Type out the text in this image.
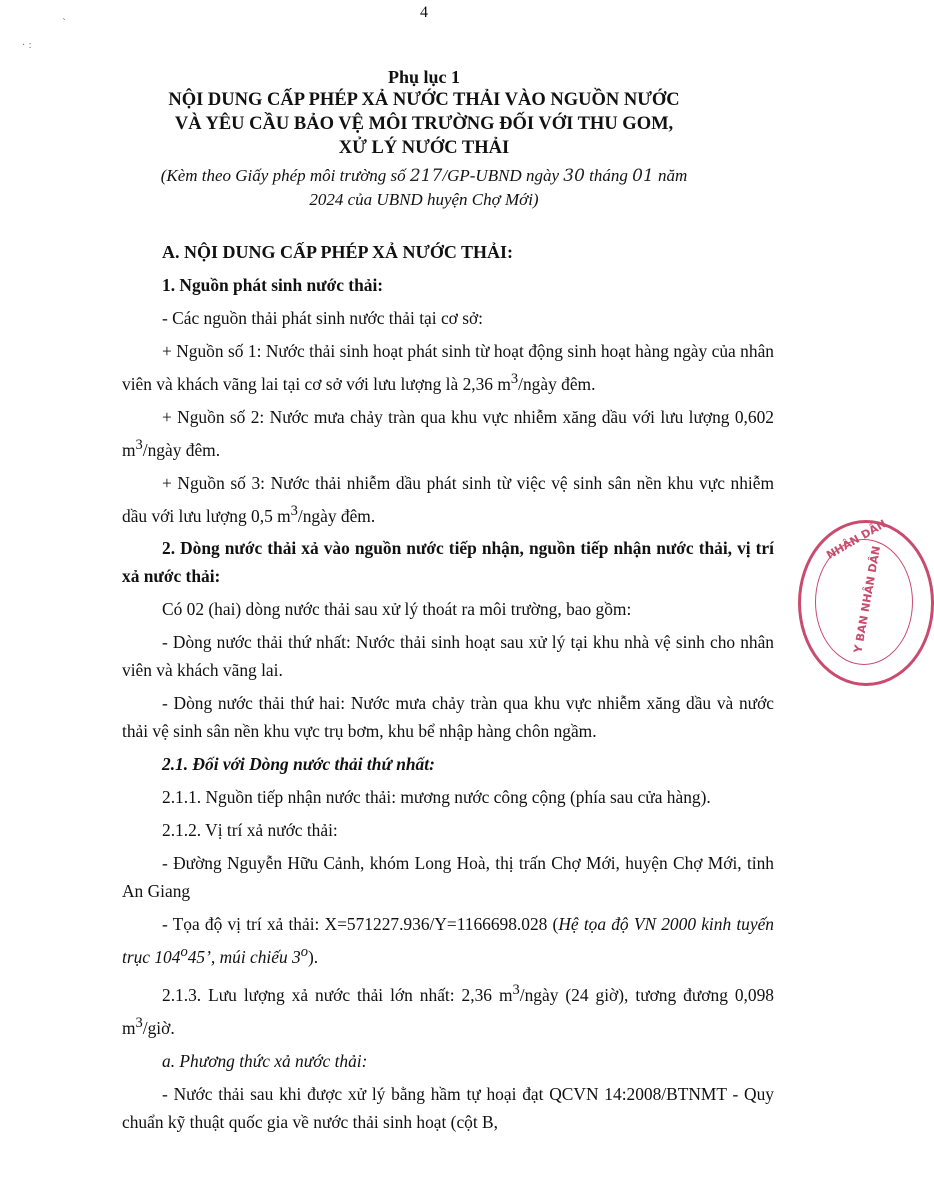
4
· :
ˋ
Phụ lục 1
NỘI DUNG CẤP PHÉP XẢ NƯỚC THẢI VÀO NGUỒN NƯỚC
VÀ YÊU CẦU BẢO VỆ MÔI TRƯỜNG ĐỐI VỚI THU GOM,
XỬ LÝ NƯỚC THẢI
(Kèm theo Giấy phép môi trường số 217/GP-UBND ngày 30 tháng 01 năm
2024 của UBND huyện Chợ Mới)

A. NỘI DUNG CẤP PHÉP XẢ NƯỚC THẢI:

1. Nguồn phát sinh nước thải:

- Các nguồn thải phát sinh nước thải tại cơ sở:

+ Nguồn số 1: Nước thải sinh hoạt phát sinh từ hoạt động sinh hoạt hàng ngày của nhân viên và khách vãng lai tại cơ sở với lưu lượng là 2,36 $m^3$/ngày đêm.

+ Nguồn số 2: Nước mưa chảy tràn qua khu vực nhiễm xăng dầu với lưu lượng 0,602 $m^3$/ngày đêm.

+ Nguồn số 3: Nước thải nhiễm dầu phát sinh từ việc vệ sinh sân nền khu vực nhiễm dầu với lưu lượng 0,5 $m^3$/ngày đêm.

2. Dòng nước thải xả vào nguồn nước tiếp nhận, nguồn tiếp nhận nước thải, vị trí xả nước thải:

Có 02 (hai) dòng nước thải sau xử lý thoát ra môi trường, bao gồm:

- Dòng nước thải thứ nhất: Nước thải sinh hoạt sau xử lý tại khu nhà vệ sinh cho nhân viên và khách vãng lai.

- Dòng nước thải thứ hai: Nước mưa chảy tràn qua khu vực nhiễm xăng dầu và nước thải vệ sinh sân nền khu vực trụ bơm, khu bể nhập hàng chôn ngầm.

2.1. Đối với Dòng nước thải thứ nhất:

2.1.1. Nguồn tiếp nhận nước thải: mương nước công cộng (phía sau cửa hàng).

2.1.2. Vị trí xả nước thải:

- Đường Nguyễn Hữu Cảnh, khóm Long Hoà, thị trấn Chợ Mới, huyện Chợ Mới, tỉnh An Giang

- Tọa độ vị trí xả thải: X=571227.936/Y=1166698.028 (Hệ tọa độ VN 2000 kinh tuyến trục 104$^o$45’, múi chiếu 3$^o$).

2.1.3. Lưu lượng xả nước thải lớn nhất: 2,36 $m^3$/ngày (24 giờ), tương đương 0,098 $m^3$/giờ.

a. Phương thức xả nước thải:

- Nước thải sau khi được xử lý bằng hầm tự hoại đạt QCVN 14:2008/BTNMT - Quy chuẩn kỹ thuật quốc gia về nước thải sinh hoạt (cột B,

Y BAN NHÂN DÂN
NHÂN DÂN
